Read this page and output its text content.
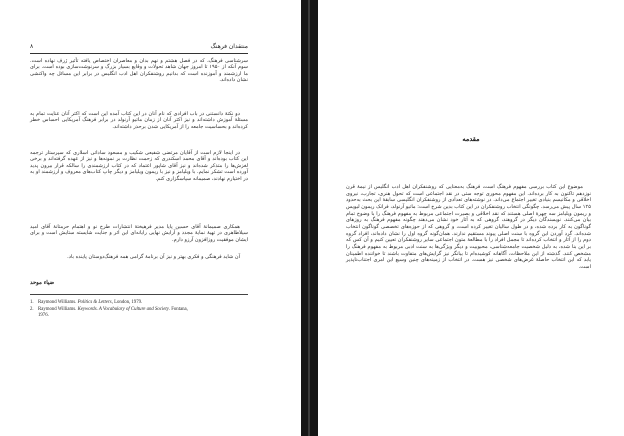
۸	منتقدان فرهنگ
سرشناسی فرهنگ، که در فصل هشتم و نهم بدان و معاصران اختصاص یافته تأثیر ژرف نهاده است. سوم آنکه از ۱۹۵۰ تا امروز جهان شاهد تحولات و وقایع بسیار بزرگ و سرنوشت‌سازی بوده است. برای ما ارزشمند و آموزنده است که بدانیم روشنفکران اهل ادب انگلیس در برابر این مسائل چه واکنشی نشان داده‌اند.
دو نکتهٔ دانستنی در باب افرادی که نام آنان در این کتاب آمده این است که اکثر آنان عنایت تمام به مسئلهٔ آموزش داشته‌اند و نیز اکثر آنان از زمان ماتیو آرنولد در برابر فرهنگ آمریکایی احساس خطر کرده‌اند و بحساسیت جامعه را از آمریکایی شدن برحذر داشته‌اند.
در اینجا لازم است از آقایان مرتضی شفیعی شکیب و مسعود ساداتی اسلاری که سپرستار ترجمه این کتاب بوده‌اند و آقای محمد اسکندری که زحمت نظارت بر نمونه‌ها و نیز از عهده گرفته‌اند و برخی لغزش‌ها را متذکر شده‌اند و نیز آقای شاپور اعتماد که در کتاب ارزشمندی را سالکه قرار بیرون پدید آورده است تشکر نمایم. با ویلیامز و نیز با ریمون ویلیامز و دیگر چاپ کتاب‌های معروف و ارزشمند او به در اختیارم نهادند، صمیمانه سپاسگزاری کنم.
همکاری صمیمانهٔ آقای حسین پایا مدیر فرهیختهٔ انتشارات طرح نو و اهتمام حرمتانهٔ آقای امید سیلاطاهری در تهیهٔ نمایهٔ مجدد و آرایش نهایی رایانه‌ای این اثر و جنایت شایسته ستایش است و برای ایشان موفقیت روزافزون آرزو دارم.
آن شاید فرهنگی و فکری بهتر و نیز آن برنامهٔ گرامی همه فرهنگ‌دوستان پاینده باد.
ضیاء موحد
1. Raymond Williams. Politics & Letters, London, 1979.
2. Raymond Williams. Keywords. A Vocabulary of Culture and Society. Fontana,
1976.
مقدمه

موضوع این کتاب بررسی مفهوم فرهنگ است، فرهنگ به‌معنایی که روشنفکران اهل ادب انگلیس از نیمهٔ قرن نوزدهم تاکنون به کار برده‌اند. این مفهوم محوری توجه ستی در نقد اجتماعی است که تحول هنری، تجارب، نیروی اخلاقی و مکانیسم بنیادی تغییر اجتماع می‌داند. در نوشته‌های تعدادی از روشنفکران انگلیسی سابقهٔ این بحث به‌حدود ۱۲۵ سال پیش می‌رسد. چگونگی انتخاب روشنفکران در این کتاب بدین شرح است: ماتیو آرنولد، فرانک ریمون لیویس و ریمون ویلیامز سه چهرهٔ اصلی هستند که نقد اخلاقی و بصیرت اجتماعی مربوط به مفهوم فرهنگ را با وضوح تمام بیان می‌کنند. نویسندگان دیگر در گروهند، گروهی که به آثار خود نشان می‌دهند چگونه مفهوم فرهنگ به روزهای گوناگون به کار برده شده، و در طول سالیان تغییر کرده است، و گروهی که از حوزه‌های تخصصی گوناگون انتخاب شده‌اند. گرد آوردن این گروه با سنت اصلی پیوند مستقیم ندارند. همان‌گونه گروه اول را نشان داده‌اند، افراد گروه دوم را از آثار و انتخاب کرده‌اند تا مجمل افراد را با مطالعهٔ متون اجتماعی سایر روشنفکران تعیین کنیم و آن کس که بر این بنا شده، به دلیل شخصیت جامعه‌شناسی، محبوبیت و دیگر ویژگی‌ها به سنت ادبی مربوط به مفهوم فرهنگ را مشخص کنند. گذشته از این ملاحظات، آگاهانه کوشیده‌ام تا بیانگر نیز گرایش‌های متفاوت باشند تا خواننده اطمینان یابد که این انتخاب حاصلهٔ غرض‌های شخصی نیز هست. در انتخاب از زمینه‌های چنین وسیع این امری اجتناب‌ناپذیر است.
